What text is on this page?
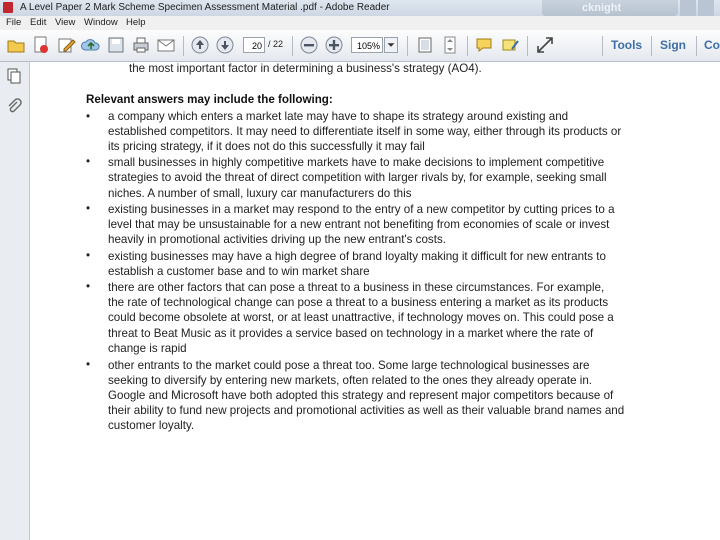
A Level Paper 2 Mark Scheme Specimen Assessment Material .pdf - Adobe Reader	cknight
File Edit View Window Help
20 / 22	105%	Tools Sign Co
the most important factor in determining a business's strategy (AO4).
Relevant answers may include the following:
• a company which enters a market late may have to shape its strategy around existing and
established competitors. It may need to differentiate itself in some way, either through its products or
its pricing strategy, if it does not do this successfully it may fail
• small businesses in highly competitive markets have to make decisions to implement competitive
strategies to avoid the threat of direct competition with larger rivals by, for example, seeking small
niches. A number of small, luxury car manufacturers do this
• existing businesses in a market may respond to the entry of a new competitor by cutting prices to a
level that may be unsustainable for a new entrant not benefiting from economies of scale or invest
heavily in promotional activities driving up the new entrant's costs.
• existing businesses may have a high degree of brand loyalty making it difficult for new entrants to
establish a customer base and to win market share
• there are other factors that can pose a threat to a business in these circumstances. For example,
the rate of technological change can pose a threat to a business entering a market as its products
could become obsolete at worst, or at least unattractive, if technology moves on. This could pose a
threat to Beat Music as it provides a service based on technology in a market where the rate of
change is rapid
• other entrants to the market could pose a threat too. Some large technological businesses are
seeking to diversify by entering new markets, often related to the ones they already operate in.
Google and Microsoft have both adopted this strategy and represent major competitors because of
their ability to fund new projects and promotional activities as well as their valuable brand names and
customer loyalty.
